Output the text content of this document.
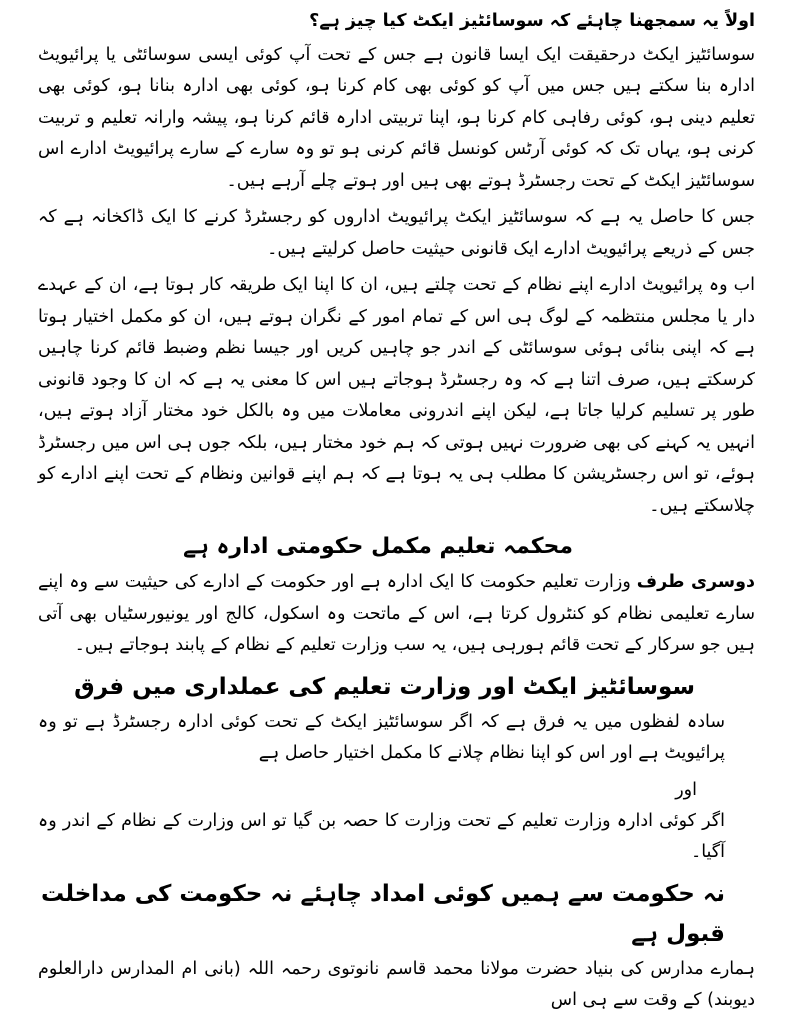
اولاً یہ سمجھنا چاہئے کہ سوسائٹیز ایکٹ کیا چیز ہے؟

سوسائٹیز ایکٹ درحقیقت ایک ایسا قانون ہے جس کے تحت آپ کوئی ایسی سوسائٹی یا پرائیویٹ ادارہ بنا سکتے ہیں جس میں آپ کو کوئی بھی کام کرنا ہو، کوئی بھی ادارہ بنانا ہو، کوئی بھی تعلیم دینی ہو، کوئی رفاہی کام کرنا ہو، اپنا تربیتی ادارہ قائم کرنا ہو، پیشہ وارانہ تعلیم و تربیت کرنی ہو، یہاں تک کہ کوئی آرٹس کونسل قائم کرنی ہو تو وہ سارے کے سارے پرائیویٹ ادارے اس سوسائٹیز ایکٹ کے تحت رجسٹرڈ ہوتے بھی ہیں اور ہوتے چلے آرہے ہیں۔

جس کا حاصل یہ ہے کہ سوسائٹیز ایکٹ پرائیویٹ اداروں کو رجسٹرڈ کرنے کا ایک ڈاکخانہ ہے کہ جس کے ذریعے پرائیویٹ ادارے ایک قانونی حیثیت حاصل کرلیتے ہیں۔

اب وہ پرائیویٹ ادارے اپنے نظام کے تحت چلتے ہیں، ان کا اپنا ایک طریقہ کار ہوتا ہے، ان کے عہدے دار یا مجلس منتظمہ کے لوگ ہی اس کے تمام امور کے نگران ہوتے ہیں، ان کو مکمل اختیار ہوتا ہے کہ اپنی بنائی ہوئی سوسائٹی کے اندر جو چاہیں کریں اور جیسا نظم وضبط قائم کرنا چاہیں کرسکتے ہیں، صرف اتنا ہے کہ وہ رجسٹرڈ ہوجاتے ہیں اس کا معنی یہ ہے کہ ان کا وجود قانونی طور پر تسلیم کرلیا جاتا ہے، لیکن اپنے اندرونی معاملات میں وہ بالکل خود مختار آزاد ہوتے ہیں، انہیں یہ کہنے کی بھی ضرورت نہیں ہوتی کہ ہم خود مختار ہیں، بلکہ جوں ہی اس میں رجسٹرڈ ہوئے، تو اس رجسٹریشن کا مطلب ہی یہ ہوتا ہے کہ ہم اپنے قوانین ونظام کے تحت اپنے ادارے کو چلاسکتے ہیں۔

محکمہ تعلیم مکمل حکومتی ادارہ ہے

دوسری طرف وزارت تعلیم حکومت کا ایک ادارہ ہے اور حکومت کے ادارے کی حیثیت سے وہ اپنے سارے تعلیمی نظام کو کنٹرول کرتا ہے، اس کے ماتحت وہ اسکول، کالج اور یونیورسٹیاں بھی آتی ہیں جو سرکار کے تحت قائم ہورہی ہیں، یہ سب وزارت تعلیم کے نظام کے پابند ہوجاتے ہیں۔

سوسائٹیز ایکٹ اور وزارت تعلیم کی عملداری میں فرق

سادہ لفظوں میں یہ فرق ہے کہ اگر سوسائٹیز ایکٹ کے تحت کوئی ادارہ رجسٹرڈ ہے تو وہ پرائیویٹ ہے اور اس کو اپنا نظام چلانے کا مکمل اختیار حاصل ہے

اور

اگر کوئی ادارہ وزارت تعلیم کے تحت وزارت کا حصہ بن گیا تو اس وزارت کے نظام کے اندر وہ آگیا۔

نہ حکومت سے ہمیں کوئی امداد چاہئے نہ حکومت کی مداخلت قبول ہے

ہمارے مدارس کی بنیاد حضرت مولانا محمد قاسم نانوتوی رحمہ اللہ (بانی ام المدارس دارالعلوم دیوبند) کے وقت سے ہی اس
